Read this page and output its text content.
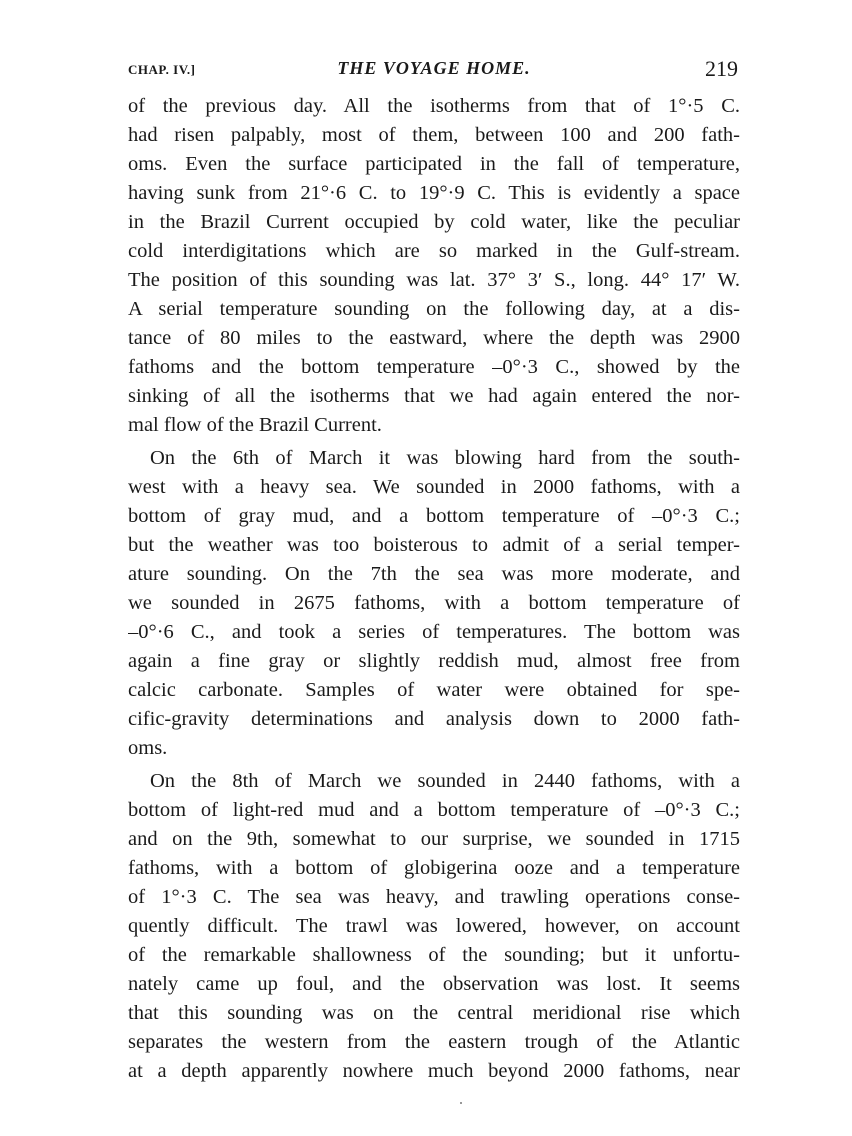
CHAP. IV.]	THE VOYAGE HOME.	219
of the previous day. All the isotherms from that of 1°·5 C.
had risen palpably, most of them, between 100 and 200 fath-
oms. Even the surface participated in the fall of temperature,
having sunk from 21°·6 C. to 19°·9 C. This is evidently a space
in the Brazil Current occupied by cold water, like the peculiar
cold interdigitations which are so marked in the Gulf-stream.
The position of this sounding was lat. 37° 3′ S., long. 44° 17′ W.
A serial temperature sounding on the following day, at a dis-
tance of 80 miles to the eastward, where the depth was 2900
fathoms and the bottom temperature –0°·3 C., showed by the
sinking of all the isotherms that we had again entered the nor-
mal flow of the Brazil Current.
On the 6th of March it was blowing hard from the south-
west with a heavy sea. We sounded in 2000 fathoms, with a
bottom of gray mud, and a bottom temperature of –0°·3 C.;
but the weather was too boisterous to admit of a serial temper-
ature sounding. On the 7th the sea was more moderate, and
we sounded in 2675 fathoms, with a bottom temperature of
–0°·6 C., and took a series of temperatures. The bottom was
again a fine gray or slightly reddish mud, almost free from
calcic carbonate. Samples of water were obtained for spe-
cific-gravity determinations and analysis down to 2000 fath-
oms.
On the 8th of March we sounded in 2440 fathoms, with a
bottom of light-red mud and a bottom temperature of –0°·3 C.;
and on the 9th, somewhat to our surprise, we sounded in 1715
fathoms, with a bottom of globigerina ooze and a temperature
of 1°·3 C. The sea was heavy, and trawling operations conse-
quently difficult. The trawl was lowered, however, on account
of the remarkable shallowness of the sounding; but it unfortu-
nately came up foul, and the observation was lost. It seems
that this sounding was on the central meridional rise which
separates the western from the eastern trough of the Atlantic
at a depth apparently nowhere much beyond 2000 fathoms, near
